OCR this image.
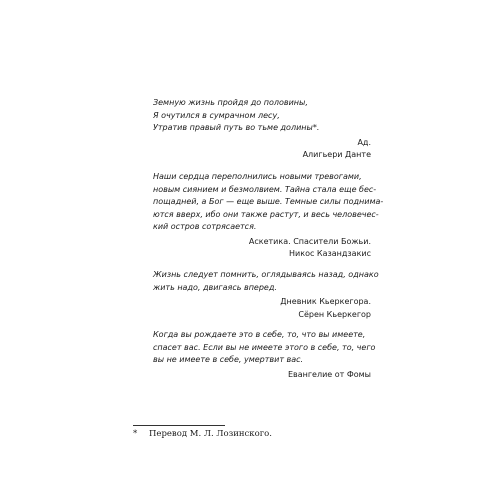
Земную жизнь пройдя до половины,
Я очутился в сумрачном лесу,
Утратив правый путь во тьме долины*.

Ад.
Алигьери Данте

Наши сердца переполнились новыми тревогами,
новым сиянием и безмолвием. Тайна стала еще бес-
пощадней, а Бог — еще выше. Темные силы поднима-
ются вверх, ибо они также растут, и весь человечес-
кий остров сотрясается.

Аскетика. Спасители Божьи.
Никос Казандзакис

Жизнь следует помнить, оглядываясь назад, однако
жить надо, двигаясь вперед.

Дневник Кьеркегора.
Сёрен Кьеркегор

Когда вы рождаете это в себе, то, что вы имеете,
спасет вас. Если вы не имеете этого в себе, то, чего
вы не имеете в себе, умертвит вас.

Евангелие от Фомы

* Перевод М. Л. Лозинского.
